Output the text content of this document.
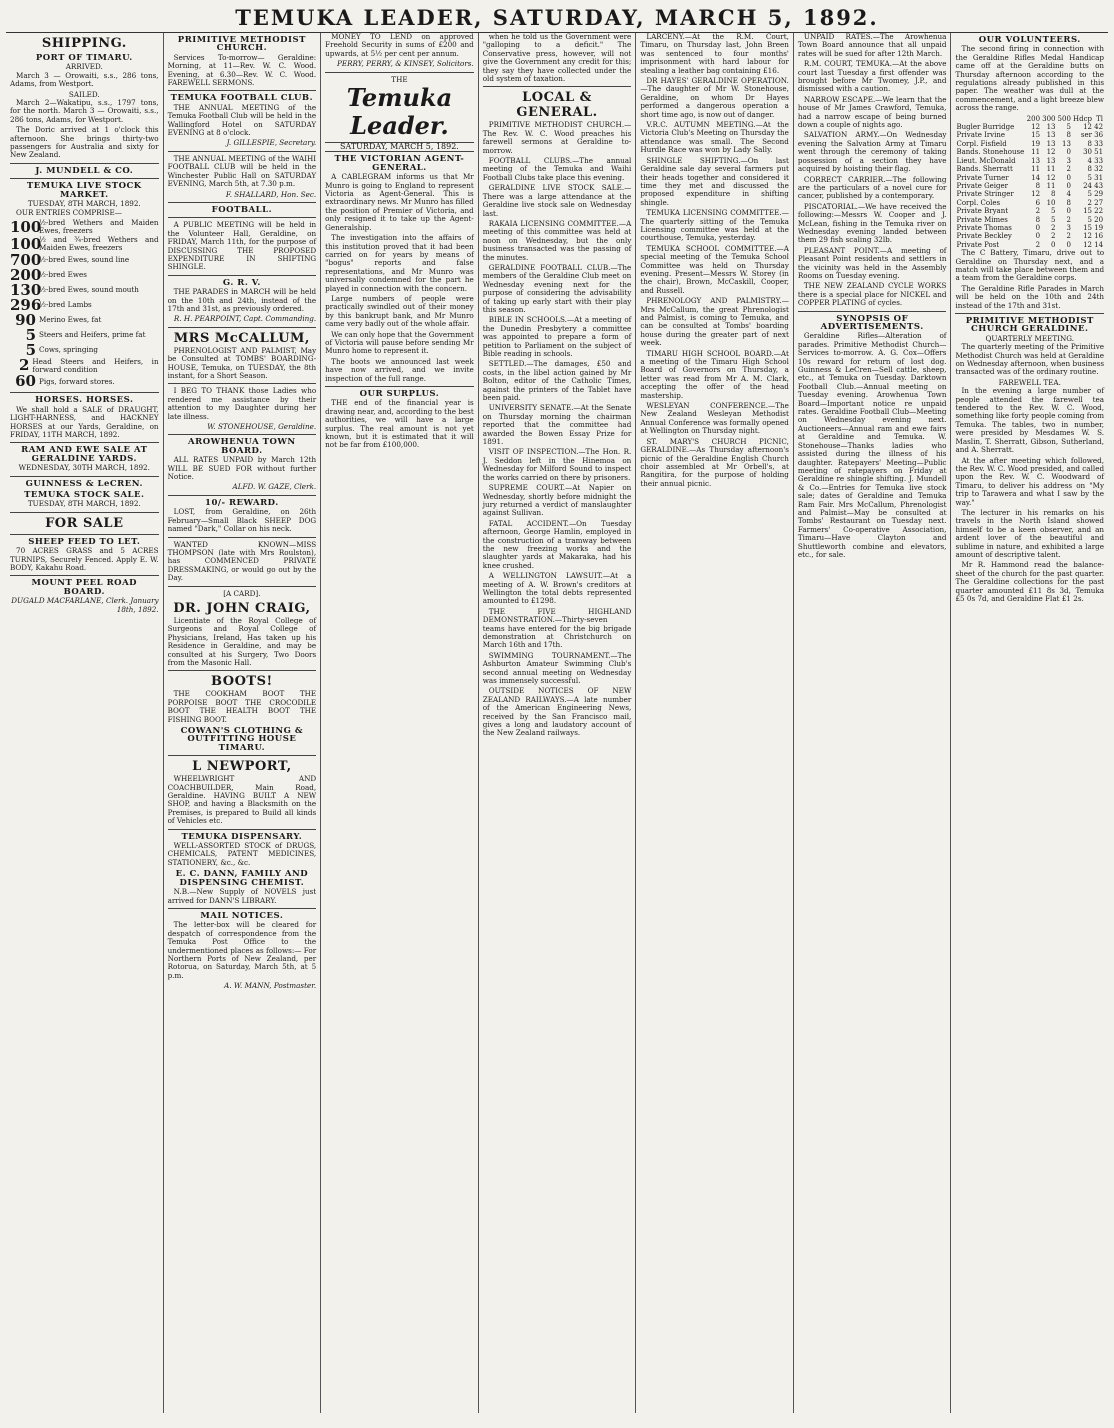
TEMUKA LEADER, SATURDAY, MARCH 5, 1892.
SHIPPING.
PORT OF TIMARU.
ARRIVED.

March 3 — Orowaiti, s.s., 286 tons, Adams, from Westport.

SAILED.

March 2—Wakatipu, s.s., 1797 tons, for the north. March 3 — Orowaiti, s.s., 286 tons, Adams, for Westport.

The Doric arrived at 1 o'clock this afternoon. She brings thirty-two passengers for Australia and sixty for New Zealand.

J. MUNDELL & CO.
TEMUKA LIVE STOCK MARKET.
TUESDAY, 8TH MARCH, 1892.

OUR ENTRIES COMPRISE—

100
½-bred Wethers and Maiden Ewes, freezers
100
½ and ¾-bred Wethers and Maiden Ewes, freezers
700
½-bred Ewes, sound line
200
½-bred Ewes
130
½-bred Ewes, sound mouth
296
½-bred Lambs
90 Merino Ewes, fat
5 Steers and Heifers, prime fat
5 Cows, springing
2 Head Steers and Heifers, in forward condition
60 Pigs, forward stores.
HORSES. HORSES.

We shall hold a SALE of DRAUGHT, LIGHT-HARNESS, and HACKNEY HORSES at our Yards, Geraldine, on FRIDAY, 11TH MARCH, 1892.

RAM AND EWE SALE AT GERALDINE YARDS.
WEDNESDAY, 30TH MARCH, 1892.
GUINNESS & LeCREN.
TEMUKA STOCK SALE.
TUESDAY, 8TH MARCH, 1892.
FOR SALE
SHEEP FEED TO LET.

70 ACRES GRASS and 5 ACRES TURNIPS, Securely Fenced. Apply E. W. BODY, Kakahu Road.

MOUNT PEEL ROAD BOARD.
DUGALD MACFARLANE, Clerk. January 18th, 1892.
PRIMITIVE METHODIST CHURCH.

Services To-morrow— Geraldine: Morning, at 11—Rev. W. C. Wood. Evening, at 6.30—Rev. W. C. Wood. FAREWELL SERMONS.

TEMUKA FOOTBALL CLUB.

THE ANNUAL MEETING of the Temuka Football Club will be held in the Wallingford Hotel on SATURDAY EVENING at 8 o'clock.

J. GILLESPIE, Secretary.

THE ANNUAL MEETING of the WAIHI FOOTBALL CLUB will be held in the Winchester Public Hall on SATURDAY EVENING, March 5th, at 7.30 p.m.

F. SHALLARD, Hon. Sec.
FOOTBALL.

A PUBLIC MEETING will be held in the Volunteer Hall, Geraldine, on FRIDAY, March 11th, for the purpose of DISCUSSING THE PROPOSED EXPENDITURE IN SHIFTING SHINGLE.

G. R. V.

THE PARADES in MARCH will be held on the 10th and 24th, instead of the 17th and 31st, as previously ordered.

R. H. PEARPOINT, Capt. Commanding.
MRS McCALLUM,

PHRENOLOGIST AND PALMIST, May be Consulted at TOMBS' BOARDING-HOUSE, Temuka, on TUESDAY, the 8th instant, for a Short Season.

I BEG TO THANK those Ladies who rendered me assistance by their attention to my Daughter during her late illness.

W. STONEHOUSE, Geraldine.
AROWHENUA TOWN BOARD.

ALL RATES UNPAID by March 12th WILL BE SUED FOR without further Notice.

ALFD. W. GAZE, Clerk.
10/- REWARD.

LOST, from Geraldine, on 26th February—Small Black SHEEP DOG named "Dark," Collar on his neck.

WANTED KNOWN—MISS THOMPSON (late with Mrs Roulston), has COMMENCED PRIVATE DRESSMAKING, or would go out by the Day.

[A CARD].
DR. JOHN CRAIG,

Licentiate of the Royal College of Surgeons and Royal College of Physicians, Ireland, Has taken up his Residence in Geraldine, and may be consulted at his Surgery, Two Doors from the Masonic Hall.

BOOTS!

THE COOKHAM BOOT THE PORPOISE BOOT THE CROCODILE BOOT THE HEALTH BOOT THE FISHING BOOT.

COWAN'S CLOTHING & OUTFITTING HOUSE TIMARU.
L NEWPORT,

WHEELWRIGHT AND COACHBUILDER, Main Road, Geraldine. HAVING BUILT A NEW SHOP, and having a Blacksmith on the Premises, is prepared to Build all kinds of Vehicles etc.

TEMUKA DISPENSARY.

WELL-ASSORTED STOCK of DRUGS, CHEMICALS, PATENT MEDICINES, STATIONERY, &c., &c.

E. C. DANN, FAMILY AND DISPENSING CHEMIST.

N.B.—New Supply of NOVELS just arrived for DANN'S LIBRARY.

MAIL NOTICES.

The letter-box will be cleared for despatch of correspondence from the Temuka Post Office to the undermentioned places as follows:— For Northern Ports of New Zealand, per Rotorua, on Saturday, March 5th, at 5 p.m.

A. W. MANN, Postmaster.

MONEY TO LEND on approved Freehold Security in sums of £200 and upwards, at 5½ per cent per annum.

PERRY, PERRY, & KINSEY, Solicitors.
THE
Temuka Leader.
SATURDAY, MARCH 5, 1892.
THE VICTORIAN AGENT-GENERAL.

A CABLEGRAM informs us that Mr Munro is going to England to represent Victoria as Agent-General. This is extraordinary news. Mr Munro has filled the position of Premier of Victoria, and only resigned it to take up the Agent-Generalship.

The investigation into the affairs of this institution proved that it had been carried on for years by means of "bogus" reports and false representations, and Mr Munro was universally condemned for the part he played in connection with the concern.

Large numbers of people were practically swindled out of their money by this bankrupt bank, and Mr Munro came very badly out of the whole affair.

We can only hope that the Government of Victoria will pause before sending Mr Munro home to represent it.

The boots we announced last week have now arrived, and we invite inspection of the full range.

OUR SURPLUS.

THE end of the financial year is drawing near, and, according to the best authorities, we will have a large surplus. The real amount is not yet known, but it is estimated that it will not be far from £100,000.

when he told us the Government were "galloping to a deficit." The Conservative press, however, will not give the Government any credit for this; they say they have collected under the old system of taxation.

LOCAL & GENERAL.

PRIMITIVE METHODIST CHURCH.—The Rev. W. C. Wood preaches his farewell sermons at Geraldine to-morrow.

FOOTBALL CLUBS.—The annual meeting of the Temuka and Waihi Football Clubs take place this evening.

GERALDINE LIVE STOCK SALE.—There was a large attendance at the Geraldine live stock sale on Wednesday last.

RAKAIA LICENSING COMMITTEE.—A meeting of this committee was held at noon on Wednesday, but the only business transacted was the passing of the minutes.

GERALDINE FOOTBALL CLUB.—The members of the Geraldine Club meet on Wednesday evening next for the purpose of considering the advisability of taking up early start with their play this season.

BIBLE IN SCHOOLS.—At a meeting of the Dunedin Presbytery a committee was appointed to prepare a form of petition to Parliament on the subject of Bible reading in schools.

SETTLED.—The damages, £50 and costs, in the libel action gained by Mr Bolton, editor of the Catholic Times, against the printers of the Tablet have been paid.

UNIVERSITY SENATE.—At the Senate on Thursday morning the chairman reported that the committee had awarded the Bowen Essay Prize for 1891.

VISIT OF INSPECTION.—The Hon. R. J. Seddon left in the Hinemoa on Wednesday for Milford Sound to inspect the works carried on there by prisoners.

SUPREME COURT.—At Napier on Wednesday, shortly before midnight the jury returned a verdict of manslaughter against Sullivan.

FATAL ACCIDENT.—On Tuesday afternoon, George Hamlin, employed in the construction of a tramway between the new freezing works and the slaughter yards at Makaraka, had his knee crushed.

A WELLINGTON LAWSUIT.—At a meeting of A. W. Brown's creditors at Wellington the total debts represented amounted to £1298.

THE FIVE HIGHLAND DEMONSTRATION.—Thirty-seven teams have entered for the big brigade demonstration at Christchurch on March 16th and 17th.

SWIMMING TOURNAMENT.—The Ashburton Amateur Swimming Club's second annual meeting on Wednesday was immensely successful.

OUTSIDE NOTICES OF NEW ZEALAND RAILWAYS.—A late number of the American Engineering News, received by the San Francisco mail, gives a long and laudatory account of the New Zealand railways.

LARCENY.—At the R.M. Court, Timaru, on Thursday last, John Breen was sentenced to four months' imprisonment with hard labour for stealing a leather bag containing £16.

DR HAYES' GERALDINE OPERATION.—The daughter of Mr W. Stonehouse, Geraldine, on whom Dr Hayes performed a dangerous operation a short time ago, is now out of danger.

V.R.C. AUTUMN MEETING.—At the Victoria Club's Meeting on Thursday the attendance was small. The Second Hurdle Race was won by Lady Sally.

SHINGLE SHIFTING.—On last Geraldine sale day several farmers put their heads together and considered it time they met and discussed the proposed expenditure in shifting shingle.

TEMUKA LICENSING COMMITTEE.—The quarterly sitting of the Temuka Licensing committee was held at the courthouse, Temuka, yesterday.

TEMUKA SCHOOL COMMITTEE.—A special meeting of the Temuka School Committee was held on Thursday evening. Present—Messrs W. Storey (in the chair), Brown, McCaskill, Cooper, and Russell.

PHRENOLOGY AND PALMISTRY.—Mrs McCallum, the great Phrenologist and Palmist, is coming to Temuka, and can be consulted at Tombs' boarding house during the greater part of next week.

TIMARU HIGH SCHOOL BOARD.—At a meeting of the Timaru High School Board of Governors on Thursday, a letter was read from Mr A. M. Clark, accepting the offer of the head mastership.

WESLEYAN CONFERENCE.—The New Zealand Wesleyan Methodist Annual Conference was formally opened at Wellington on Thursday night.

ST. MARY'S CHURCH PICNIC, GERALDINE.—As Thursday afternoon's picnic of the Geraldine English Church choir assembled at Mr Orbell's, at Rangitira, for the purpose of holding their annual picnic.

UNPAID RATES.—The Arowhenua Town Board announce that all unpaid rates will be sued for after 12th March.

R.M. COURT, TEMUKA.—At the above court last Tuesday a first offender was brought before Mr Twomey, J.P., and dismissed with a caution.

NARROW ESCAPE.—We learn that the house of Mr James Crawford, Temuka, had a narrow escape of being burned down a couple of nights ago.

SALVATION ARMY.—On Wednesday evening the Salvation Army at Timaru went through the ceremony of taking possession of a section they have acquired by hoisting their flag.

CORRECT CARRIER.—The following are the particulars of a novel cure for cancer, published by a contemporary.

PISCATORIAL.—We have received the following:—Messrs W. Cooper and J. McLean, fishing in the Temuka river on Wednesday evening landed between them 29 fish scaling 32lb.

PLEASANT POINT.—A meeting of Pleasant Point residents and settlers in the vicinity was held in the Assembly Rooms on Tuesday evening.

THE NEW ZEALAND CYCLE WORKS there is a special place for NICKEL and COPPER PLATING of cycles.

SYNOPSIS OF ADVERTISEMENTS.

Geraldine Rifles—Alteration of parades. Primitive Methodist Church—Services to-morrow. A. G. Cox—Offers 10s reward for return of lost dog. Guinness & LeCren—Sell cattle, sheep, etc., at Temuka on Tuesday. Darktown Football Club.—Annual meeting on Tuesday evening. Arowhenua Town Board—Important notice re unpaid rates. Geraldine Football Club—Meeting on Wednesday evening next. Auctioneers—Annual ram and ewe fairs at Geraldine and Temuka. W. Stonehouse—Thanks ladies who assisted during the illness of his daughter. Ratepayers' Meeting—Public meeting of ratepayers on Friday at Geraldine re shingle shifting. J. Mundell & Co.—Entries for Temuka live stock sale; dates of Geraldine and Temuka Ram Fair. Mrs McCallum, Phrenologist and Palmist—May be consulted at Tombs' Restaurant on Tuesday next. Farmers' Co-operative Association, Timaru—Have Clayton and Shuttleworth combine and elevators, etc., for sale.

OUR VOLUNTEERS.

The second firing in connection with the Geraldine Rifles Medal Handicap came off at the Geraldine butts on Thursday afternoon according to the regulations already published in this paper. The weather was dull at the commencement, and a light breeze blew across the range.

	200	300	500	Hdcp	Tl
Bugler Burridge	12	13	5	12	42
Private Irvine	15	13	8	ser	36
Corpl. Fisfield	19	13	13	8	33
Bands. Stonehouse	11	12	0	30	51
Lieut. McDonald	13	13	3	4	33
Bands. Sherratt	11	11	2	8	32
Private Turner	14	12	0	5	31
Private Geiger	8	11	0	24	43
Private Stringer	12	8	4	5	29
Corpl. Coles	6	10	8	2	27
Private Bryant	2	5	0	15	22
Private Mimes	8	5	2	5	20
Private Thomas	0	2	3	15	19
Private Beckley	0	2	2	12	16
Private Post	2	0	0	12	14

The C Battery, Timaru, drive out to Geraldine on Thursday next, and a match will take place between them and a team from the Geraldine corps.

The Geraldine Rifle Parades in March will be held on the 10th and 24th instead of the 17th and 31st.

PRIMITIVE METHODIST CHURCH GERALDINE.
QUARTERLY MEETING.

The quarterly meeting of the Primitive Methodist Church was held at Geraldine on Wednesday afternoon, when business transacted was of the ordinary routine.

FAREWELL TEA.

In the evening a large number of people attended the farewell tea tendered to the Rev. W. C. Wood, something like forty people coming from Temuka. The tables, two in number, were presided by Mesdames W. S. Maslin, T. Sherratt, Gibson, Sutherland, and A. Sherratt.

At the after meeting which followed, the Rev. W. C. Wood presided, and called upon the Rev. W. C. Woodward of Timaru, to deliver his address on "My trip to Tarawera and what I saw by the way."

The lecturer in his remarks on his travels in the North Island showed himself to be a keen observer, and an ardent lover of the beautiful and sublime in nature, and exhibited a large amount of descriptive talent.

Mr R. Hammond read the balance-sheet of the church for the past quarter. The Geraldine collections for the past quarter amounted £11 8s 3d, Temuka £5 0s 7d, and Geraldine Flat £1 2s.
